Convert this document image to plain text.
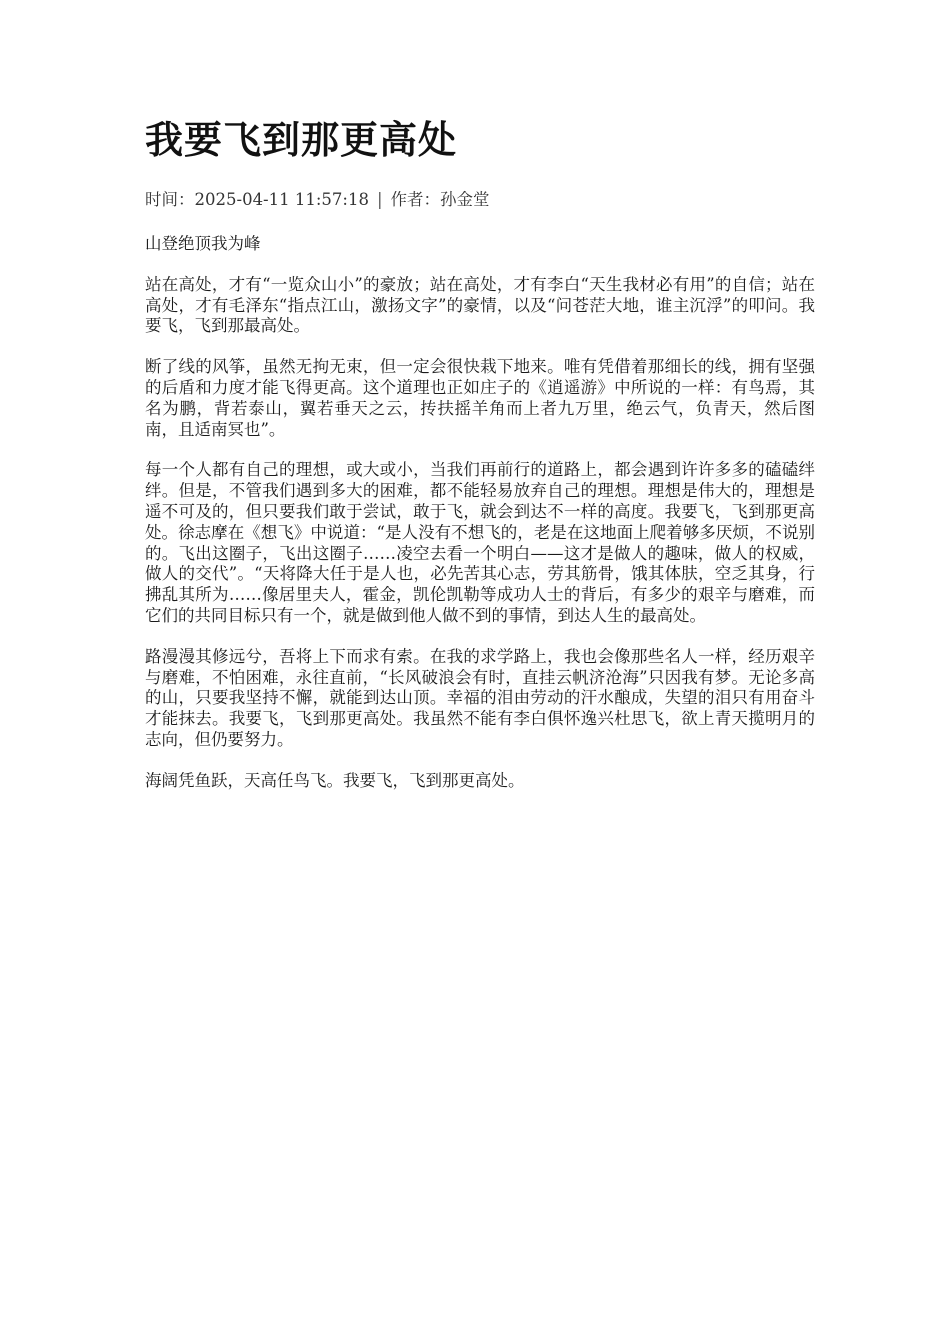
我要飞到那更高处
时间：2025-04-11 11:57:18 | 作者：孙金堂

山登绝顶我为峰

站在高处，才有“一览众山小”的豪放；站在高处，才有李白“天生我材必有用”的自信；站在高处，才有毛泽东“指点江山，激扬文字”的豪情，以及“问苍茫大地，谁主沉浮”的叩问。我要飞，飞到那最高处。

断了线的风筝，虽然无拘无束，但一定会很快栽下地来。唯有凭借着那细长的线，拥有坚强的后盾和力度才能飞得更高。这个道理也正如庄子的《逍遥游》中所说的一样：有鸟焉，其名为鹏，背若泰山，翼若垂天之云，抟扶摇羊角而上者九万里，绝云气，负青天，然后图南，且适南冥也”。

每一个人都有自己的理想，或大或小，当我们再前行的道路上，都会遇到许许多多的磕磕绊绊。但是，不管我们遇到多大的困难，都不能轻易放弃自己的理想。理想是伟大的，理想是遥不可及的，但只要我们敢于尝试，敢于飞，就会到达不一样的高度。我要飞，飞到那更高处。徐志摩在《想飞》中说道：“是人没有不想飞的，老是在这地面上爬着够多厌烦，不说别的。飞出这圈子，飞出这圈子……凌空去看一个明白——这才是做人的趣味，做人的权威，做人的交代”。“天将降大任于是人也，必先苦其心志，劳其筋骨，饿其体肤，空乏其身，行拂乱其所为……像居里夫人，霍金，凯伦凯勒等成功人士的背后，有多少的艰辛与磨难，而它们的共同目标只有一个，就是做到他人做不到的事情，到达人生的最高处。

路漫漫其修远兮，吾将上下而求有索。在我的求学路上，我也会像那些名人一样，经历艰辛与磨难，不怕困难，永往直前，“长风破浪会有时，直挂云帆济沧海”只因我有梦。无论多高的山，只要我坚持不懈，就能到达山顶。幸福的泪由劳动的汗水酿成，失望的泪只有用奋斗才能抹去。我要飞，飞到那更高处。我虽然不能有李白俱怀逸兴杜思飞，欲上青天揽明月的志向，但仍要努力。

海阔凭鱼跃，天高任鸟飞。我要飞，飞到那更高处。
